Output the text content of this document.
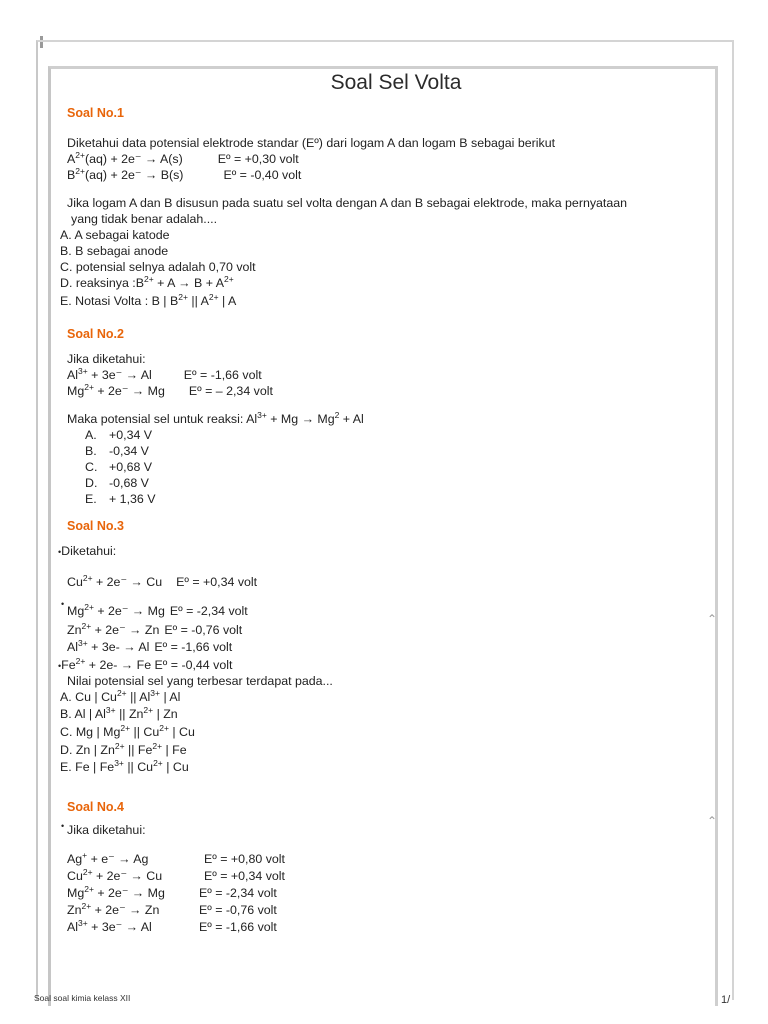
⌃
⌃
Soal Sel Volta
Soal No.1
Diketahui data potensial elektrode standar (Eº) dari logam A dan logam B sebagai berikut
$A^{2+}(aq) + 2e^- \to A(s)$	Eº = +0,30 volt
$B^{2+}(aq) + 2e^- \to B(s)$	Eº = -0,40 volt
Jika logam A dan B disusun pada suatu sel volta dengan A dan B sebagai elektrode, maka pernyataan
yang tidak benar adalah....
A. A sebagai katode
B. B sebagai anode
C. potensial selnya adalah 0,70 volt
D. reaksinya $:B^{2+} + A \to B + A^{2+}$
E. Notasi Volta : B | $B^{2+}$ || $A^{2+}$ | A
Soal No.2
Jika diketahui:
$Al^{3+} + 3e^- \to Al$	Eº = -1,66 volt
$Mg^{2+} + 2e^- \to Mg$ Eº = – 2,34 volt
Maka potensial sel untuk reaksi: $Al^{3+} + Mg \to Mg^2 + Al$
A. +0,34 V
B. -0,34 V
C. +0,68 V
D. -0,68 V
E. + 1,36 V
Soal No.3
•Diketahui:
$Cu^{2+} + 2e^- \to Cu$ Eº = +0,34 volt
• $Mg^{2+} + 2e^- \to Mg$ Eº = -2,34 volt
$Zn^{2+} + 2e^- \to Zn$ Eº = -0,76 volt
$Al^{3+} + 3e- \to Al$ Eº = -1,66 volt
$•Fe^{2+} + 2e- \to Fe$ Eº = -0,44 volt
Nilai potensial sel yang terbesar terdapat pada...
A. Cu | $Cu^{2+}$ || $Al^{3+}$ | Al
B. Al | $Al^{3+}$ || $Zn^{2+}$ | Zn
C. Mg | $Mg^{2+}$ || $Cu^{2+}$ | Cu
D. Zn | $Zn^{2+}$ || $Fe^{2+}$ | Fe
E. Fe | $Fe^{3+}$ || $Cu^{2+}$ | Cu
Soal No.4
• Jika diketahui:
Ag+ + e⁻ → Ag	Eº = +0,80 volt
$Cu^{2+} + 2e^- \to Cu$	Eº = +0,34 volt
$Mg^{2+} + 2e^- \to Mg$	Eº = -2,34 volt
$Zn^{2+} + 2e^- \to Zn$	Eº = -0,76 volt
$Al^{3+} + 3e^- \to Al$	Eº = -1,66 volt
Soal soal kimia kelass XII	1/
